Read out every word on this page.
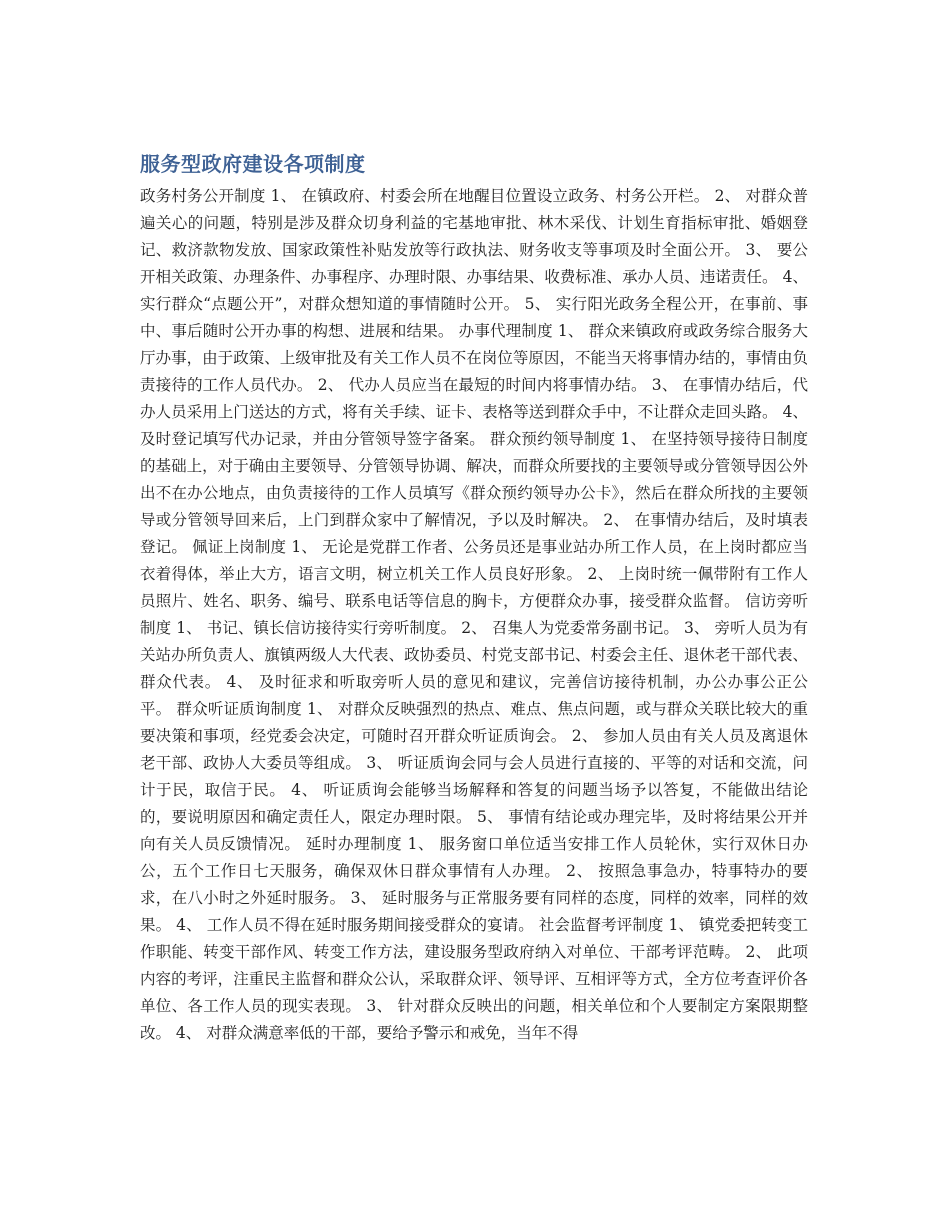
服务型政府建设各项制度

政务村务公开制度 1、 在镇政府、村委会所在地醒目位置设立政务、村务公开栏。 2、 对群众普遍关心的问题，特别是涉及群众切身利益的宅基地审批、林木采伐、计划生育指标审批、婚姻登记、救济款物发放、国家政策性补贴发放等行政执法、财务收支等事项及时全面公开。 3、 要公开相关政策、办理条件、办事程序、办理时限、办事结果、收费标准、承办人员、违诺责任。 4、 实行群众“点题公开”，对群众想知道的事情随时公开。 5、 实行阳光政务全程公开，在事前、事中、事后随时公开办事的构想、进展和结果。 办事代理制度 1、 群众来镇政府或政务综合服务大厅办事，由于政策、上级审批及有关工作人员不在岗位等原因，不能当天将事情办结的，事情由负责接待的工作人员代办。 2、 代办人员应当在最短的时间内将事情办结。 3、 在事情办结后，代办人员采用上门送达的方式，将有关手续、证卡、表格等送到群众手中，不让群众走回头路。 4、 及时登记填写代办记录，并由分管领导签字备案。 群众预约领导制度 1、 在坚持领导接待日制度的基础上，对于确由主要领导、分管领导协调、解决，而群众所要找的主要领导或分管领导因公外出不在办公地点，由负责接待的工作人员填写《群众预约领导办公卡》，然后在群众所找的主要领导或分管领导回来后，上门到群众家中了解情况，予以及时解决。 2、 在事情办结后，及时填表登记。 佩证上岗制度 1、 无论是党群工作者、公务员还是事业站办所工作人员，在上岗时都应当衣着得体，举止大方，语言文明，树立机关工作人员良好形象。 2、 上岗时统一佩带附有工作人员照片、姓名、职务、编号、联系电话等信息的胸卡，方便群众办事，接受群众监督。 信访旁听制度 1、 书记、镇长信访接待实行旁听制度。 2、 召集人为党委常务副书记。 3、 旁听人员为有关站办所负责人、旗镇两级人大代表、政协委员、村党支部书记、村委会主任、退休老干部代表、群众代表。 4、 及时征求和听取旁听人员的意见和建议，完善信访接待机制，办公办事公正公平。 群众听证质询制度 1、 对群众反映强烈的热点、难点、焦点问题，或与群众关联比较大的重要决策和事项，经党委会决定，可随时召开群众听证质询会。 2、 参加人员由有关人员及离退休老干部、政协人大委员等组成。 3、 听证质询会同与会人员进行直接的、平等的对话和交流，问计于民，取信于民。 4、 听证质询会能够当场解释和答复的问题当场予以答复，不能做出结论的，要说明原因和确定责任人，限定办理时限。 5、 事情有结论或办理完毕，及时将结果公开并向有关人员反馈情况。 延时办理制度 1、 服务窗口单位适当安排工作人员轮休，实行双休日办公，五个工作日七天服务，确保双休日群众事情有人办理。 2、 按照急事急办，特事特办的要求，在八小时之外延时服务。 3、 延时服务与正常服务要有同样的态度，同样的效率，同样的效果。 4、 工作人员不得在延时服务期间接受群众的宴请。 社会监督考评制度 1、 镇党委把转变工作职能、转变干部作风、转变工作方法，建设服务型政府纳入对单位、干部考评范畴。 2、 此项内容的考评，注重民主监督和群众公认，采取群众评、领导评、互相评等方式，全方位考查评价各单位、各工作人员的现实表现。 3、 针对群众反映出的问题，相关单位和个人要制定方案限期整改。 4、 对群众满意率低的干部，要给予警示和戒免，当年不得
